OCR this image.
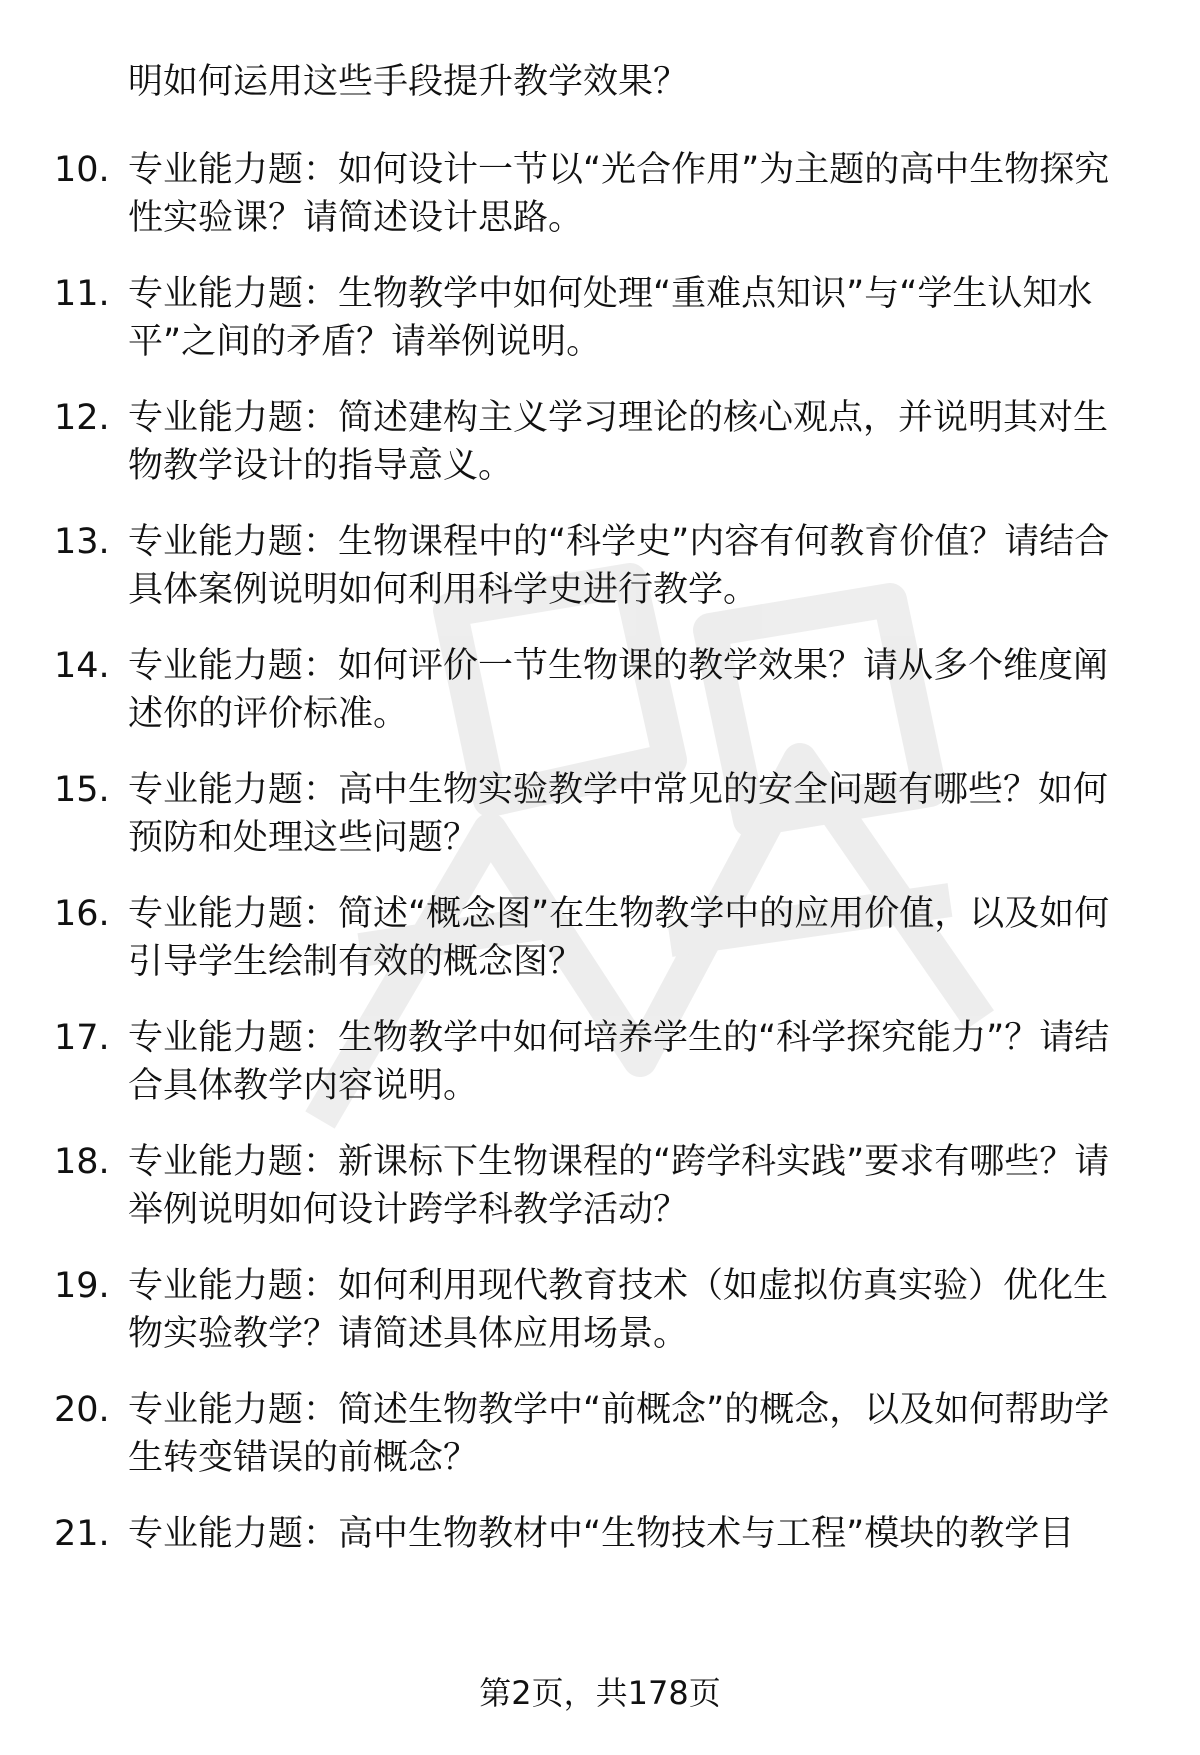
明如何运用这些手段提升教学效果？

10. 专业能力题：如何设计一节以“光合作用”为主题的高中生物探究性实验课？请简述设计思路。
11. 专业能力题：生物教学中如何处理“重难点知识”与“学生认知水平”之间的矛盾？请举例说明。
12. 专业能力题：简述建构主义学习理论的核心观点，并说明其对生物教学设计的指导意义。
13. 专业能力题：生物课程中的“科学史”内容有何教育价值？请结合具体案例说明如何利用科学史进行教学。
14. 专业能力题：如何评价一节生物课的教学效果？请从多个维度阐述你的评价标准。
15. 专业能力题：高中生物实验教学中常见的安全问题有哪些？如何预防和处理这些问题？
16. 专业能力题：简述“概念图”在生物教学中的应用价值，以及如何引导学生绘制有效的概念图？
17. 专业能力题：生物教学中如何培养学生的“科学探究能力”？请结合具体教学内容说明。
18. 专业能力题：新课标下生物课程的“跨学科实践”要求有哪些？请举例说明如何设计跨学科教学活动？
19. 专业能力题：如何利用现代教育技术（如虚拟仿真实验）优化生物实验教学？请简述具体应用场景。
20. 专业能力题：简述生物教学中“前概念”的概念，以及如何帮助学生转变错误的前概念？
21. 专业能力题：高中生物教材中“生物技术与工程”模块的教学目
第2页，共178页
